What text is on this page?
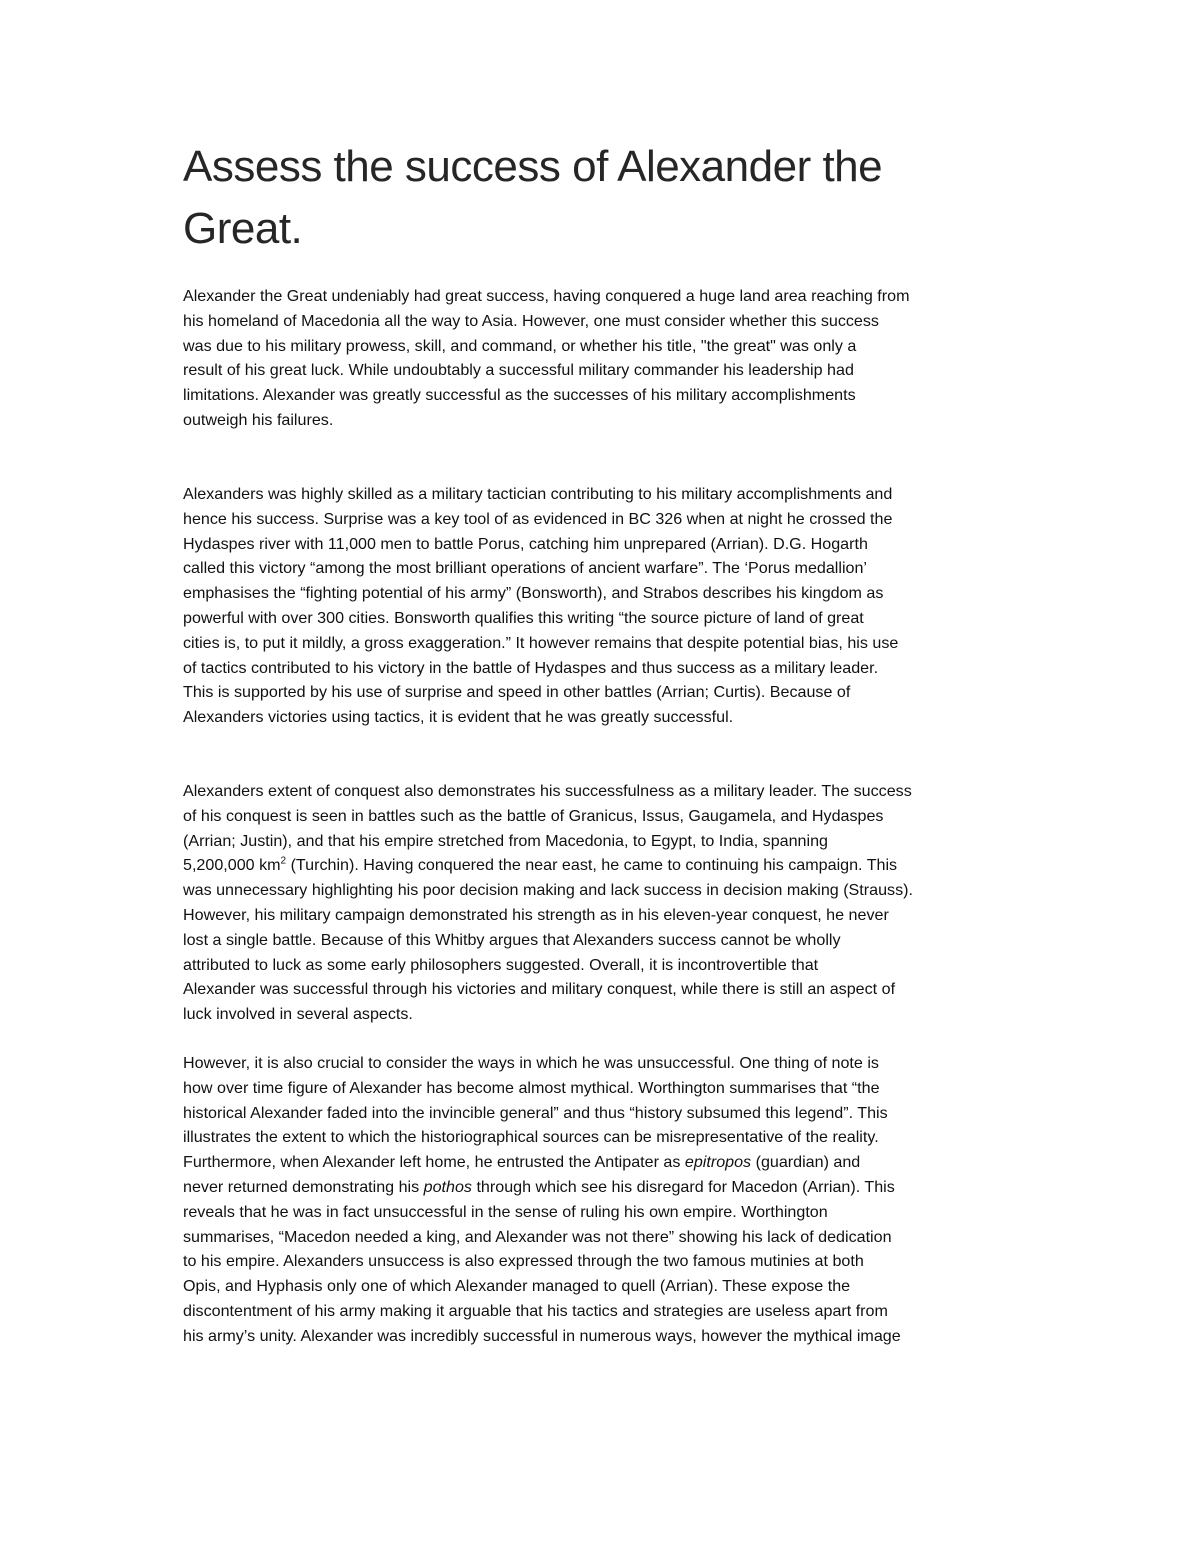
Assess the success of Alexander the
Great.
Alexander the Great undeniably had great success, having conquered a huge land area reaching from
his homeland of Macedonia all the way to Asia. However, one must consider whether this success
was due to his military prowess, skill, and command, or whether his title, "the great" was only a
result of his great luck. While undoubtably a successful military commander his leadership had
limitations. Alexander was greatly successful as the successes of his military accomplishments
outweigh his failures.
Alexanders was highly skilled as a military tactician contributing to his military accomplishments and
hence his success. Surprise was a key tool of as evidenced in BC 326 when at night he crossed the
Hydaspes river with 11,000 men to battle Porus, catching him unprepared (Arrian). D.G. Hogarth
called this victory “among the most brilliant operations of ancient warfare”. The ‘Porus medallion’
emphasises the “fighting potential of his army” (Bonsworth), and Strabos describes his kingdom as
powerful with over 300 cities. Bonsworth qualifies this writing “the source picture of land of great
cities is, to put it mildly, a gross exaggeration.” It however remains that despite potential bias, his use
of tactics contributed to his victory in the battle of Hydaspes and thus success as a military leader.
This is supported by his use of surprise and speed in other battles (Arrian; Curtis). Because of
Alexanders victories using tactics, it is evident that he was greatly successful.
Alexanders extent of conquest also demonstrates his successfulness as a military leader. The success
of his conquest is seen in battles such as the battle of Granicus, Issus, Gaugamela, and Hydaspes
(Arrian; Justin), and that his empire stretched from Macedonia, to Egypt, to India, spanning
5,200,000 $km^2$ (Turchin). Having conquered the near east, he came to continuing his campaign. This
was unnecessary highlighting his poor decision making and lack success in decision making (Strauss).
However, his military campaign demonstrated his strength as in his eleven-year conquest, he never
lost a single battle. Because of this Whitby argues that Alexanders success cannot be wholly
attributed to luck as some early philosophers suggested. Overall, it is incontrovertible that
Alexander was successful through his victories and military conquest, while there is still an aspect of
luck involved in several aspects.
However, it is also crucial to consider the ways in which he was unsuccessful. One thing of note is
how over time figure of Alexander has become almost mythical. Worthington summarises that “the
historical Alexander faded into the invincible general” and thus “history subsumed this legend”. This
illustrates the extent to which the historiographical sources can be misrepresentative of the reality.
Furthermore, when Alexander left home, he entrusted the Antipater as epitropos (guardian) and
never returned demonstrating his pothos through which see his disregard for Macedon (Arrian). This
reveals that he was in fact unsuccessful in the sense of ruling his own empire. Worthington
summarises, “Macedon needed a king, and Alexander was not there” showing his lack of dedication
to his empire. Alexanders unsuccess is also expressed through the two famous mutinies at both
Opis, and Hyphasis only one of which Alexander managed to quell (Arrian). These expose the
discontentment of his army making it arguable that his tactics and strategies are useless apart from
his army’s unity. Alexander was incredibly successful in numerous ways, however the mythical image
